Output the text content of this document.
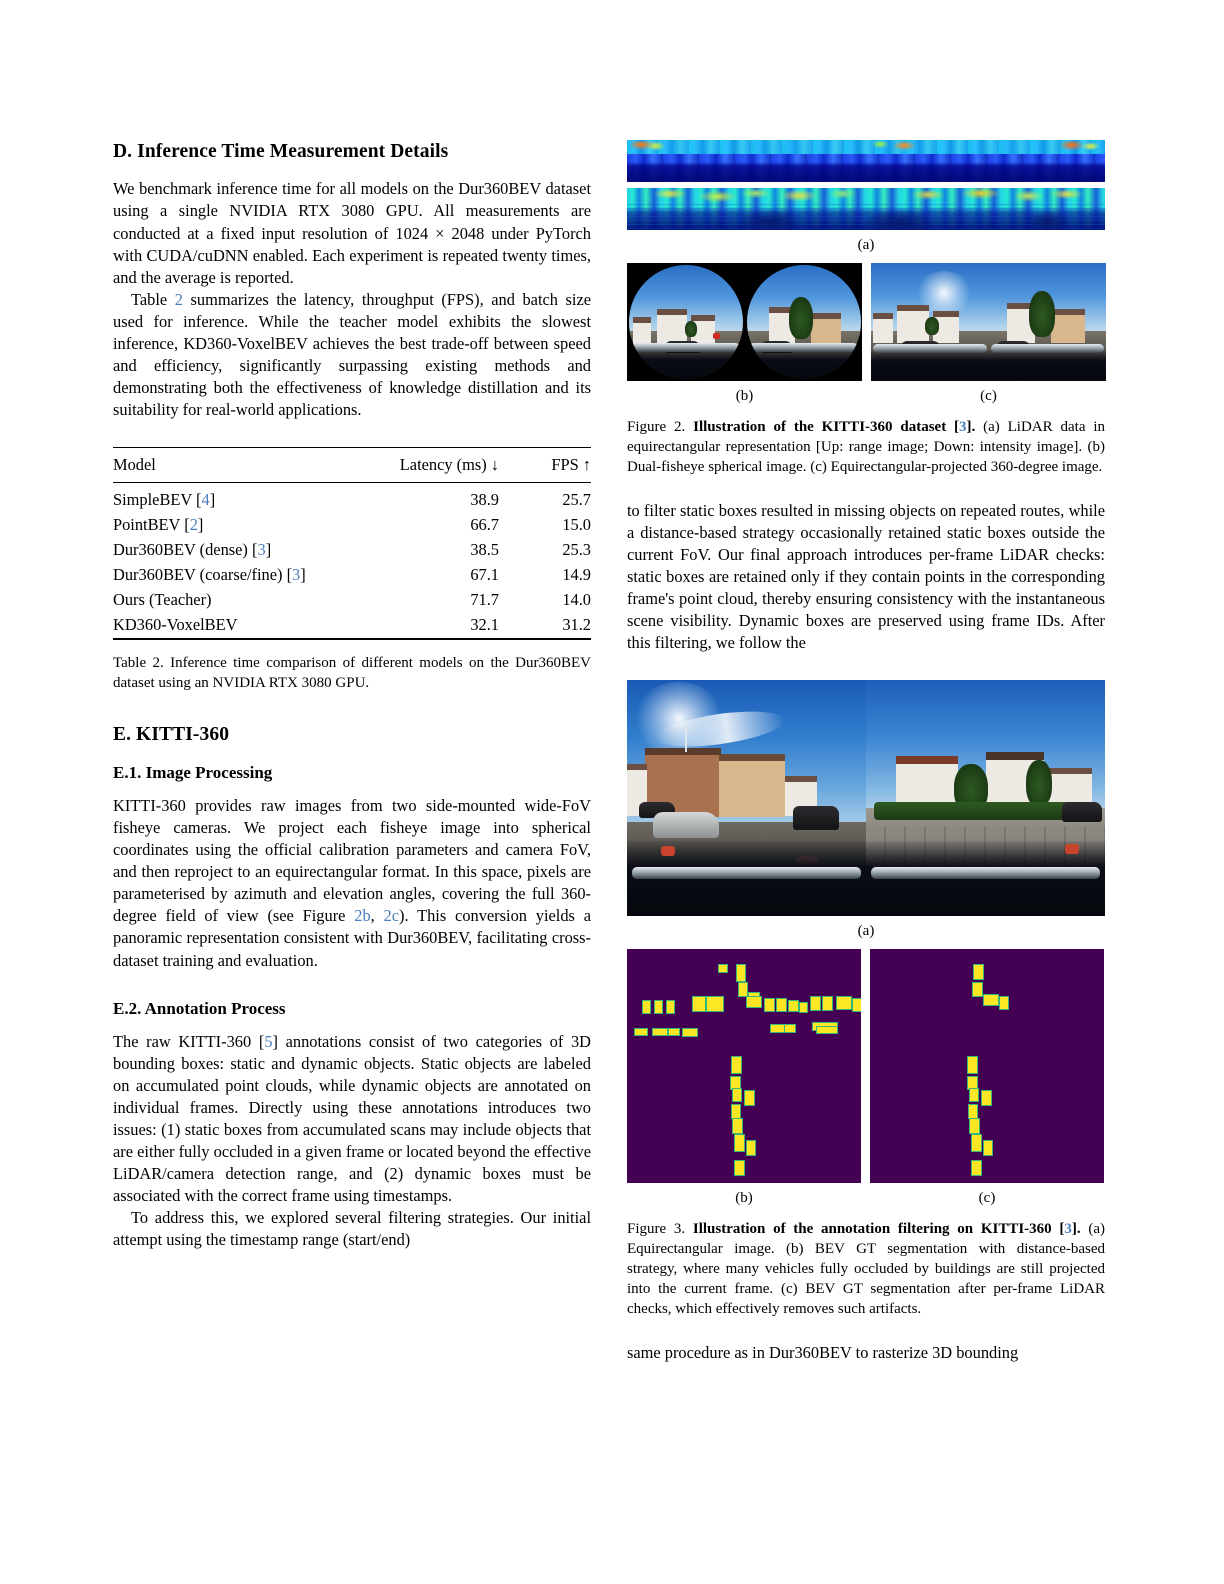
D. Inference Time Measurement Details

We benchmark inference time for all models on the Dur360BEV dataset using a single NVIDIA RTX 3080 GPU. All measurements are conducted at a fixed input resolution of 1024 × 2048 under PyTorch with CUDA/cuDNN enabled. Each experiment is repeated twenty times, and the average is reported.

Table 2 summarizes the latency, throughput (FPS), and batch size used for inference. While the teacher model exhibits the slowest inference, KD360-VoxelBEV achieves the best trade-off between speed and efficiency, significantly surpassing existing methods and demonstrating both the effectiveness of knowledge distillation and its suitability for real-world applications.

Model	Latency (ms) ↓	FPS ↑
SimpleBEV [4]	38.9	25.7
PointBEV [2]	66.7	15.0
Dur360BEV (dense) [3]	38.5	25.3
Dur360BEV (coarse/fine) [3]	67.1	14.9
Ours (Teacher)	71.7	14.0
KD360-VoxelBEV	32.1	31.2

Table 2. Inference time comparison of different models on the Dur360BEV dataset using an NVIDIA RTX 3080 GPU.

E. KITTI-360
E.1. Image Processing

KITTI-360 provides raw images from two side-mounted wide-FoV fisheye cameras. We project each fisheye image into spherical coordinates using the official calibration parameters and camera FoV, and then reproject to an equirectangular format. In this space, pixels are parameterised by azimuth and elevation angles, covering the full 360-degree field of view (see Figure 2b, 2c). This conversion yields a panoramic representation consistent with Dur360BEV, facilitating cross-dataset training and evaluation.

E.2. Annotation Process

The raw KITTI-360 [5] annotations consist of two categories of 3D bounding boxes: static and dynamic objects. Static objects are labeled on accumulated point clouds, while dynamic objects are annotated on individual frames. Directly using these annotations introduces two issues: (1) static boxes from accumulated scans may include objects that are either fully occluded in a given frame or located beyond the effective LiDAR/camera detection range, and (2) dynamic boxes must be associated with the correct frame using timestamps.

To address this, we explored several filtering strategies. Our initial attempt using the timestamp range (start/end)

(a)
(b)	(c)

Figure 2. Illustration of the KITTI-360 dataset [3]. (a) LiDAR data in equirectangular representation [Up: range image; Down: intensity image]. (b) Dual-fisheye spherical image. (c) Equirectangular-projected 360-degree image.

to filter static boxes resulted in missing objects on repeated routes, while a distance-based strategy occasionally retained static boxes outside the current FoV. Our final approach introduces per-frame LiDAR checks: static boxes are retained only if they contain points in the corresponding frame's point cloud, thereby ensuring consistency with the instantaneous scene visibility. Dynamic boxes are preserved using frame IDs. After this filtering, we follow the

(a)
(b)	(c)

Figure 3. Illustration of the annotation filtering on KITTI-360 [3]. (a) Equirectangular image. (b) BEV GT segmentation with distance-based strategy, where many vehicles fully occluded by buildings are still projected into the current frame. (c) BEV GT segmentation after per-frame LiDAR checks, which effectively removes such artifacts.

same procedure as in Dur360BEV to rasterize 3D bounding
